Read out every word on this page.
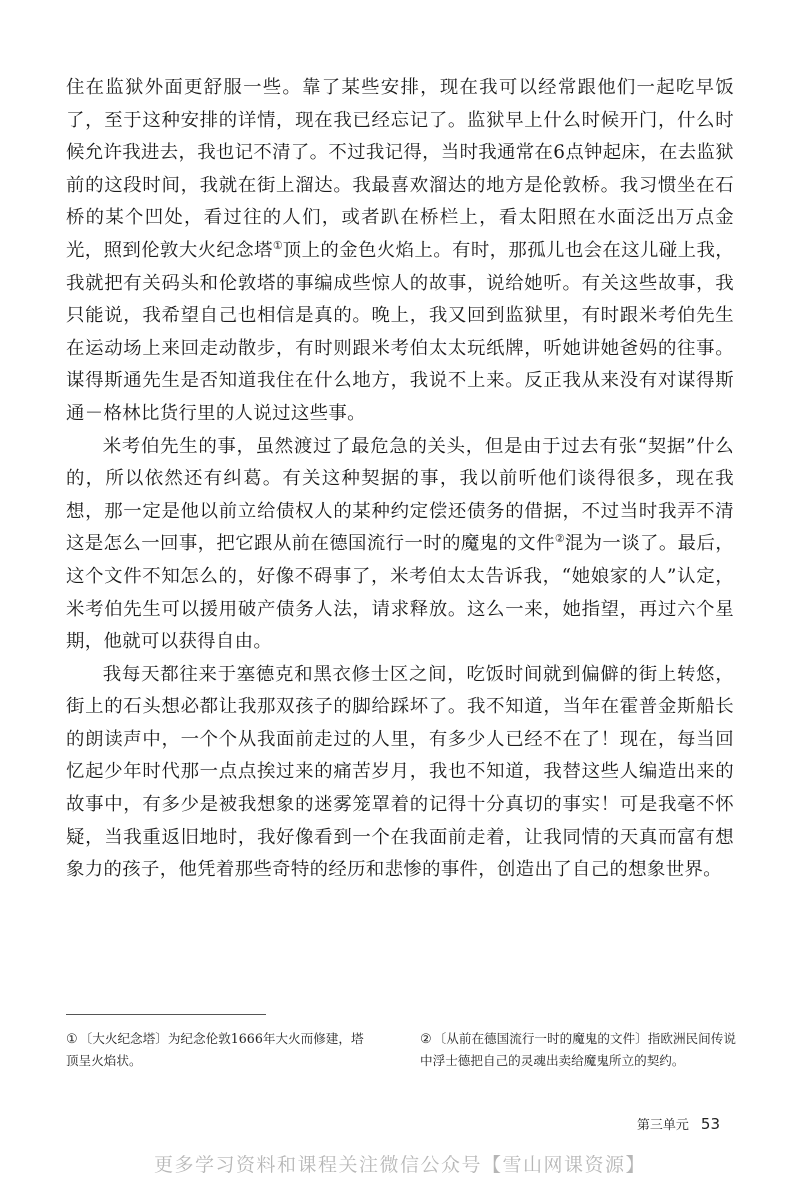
住在监狱外面更舒服一些。靠了某些安排，现在我可以经常跟他们一起吃早饭了，至于这种安排的详情，现在我已经忘记了。监狱早上什么时候开门，什么时候允许我进去，我也记不清了。不过我记得，当时我通常在6点钟起床，在去监狱前的这段时间，我就在街上溜达。我最喜欢溜达的地方是伦敦桥。我习惯坐在石桥的某个凹处，看过往的人们，或者趴在桥栏上，看太阳照在水面泛出万点金光，照到伦敦大火纪念塔①顶上的金色火焰上。有时，那孤儿也会在这儿碰上我，我就把有关码头和伦敦塔的事编成些惊人的故事，说给她听。有关这些故事，我只能说，我希望自己也相信是真的。晚上，我又回到监狱里，有时跟米考伯先生在运动场上来回走动散步，有时则跟米考伯太太玩纸牌，听她讲她爸妈的往事。谋得斯通先生是否知道我住在什么地方，我说不上来。反正我从来没有对谋得斯通－格林比货行里的人说过这些事。

米考伯先生的事，虽然渡过了最危急的关头，但是由于过去有张“契据”什么的，所以依然还有纠葛。有关这种契据的事，我以前听他们谈得很多，现在我想，那一定是他以前立给债权人的某种约定偿还债务的借据，不过当时我弄不清这是怎么一回事，把它跟从前在德国流行一时的魔鬼的文件②混为一谈了。最后，这个文件不知怎么的，好像不碍事了，米考伯太太告诉我，“她娘家的人”认定，米考伯先生可以援用破产债务人法，请求释放。这么一来，她指望，再过六个星期，他就可以获得自由。

我每天都往来于塞德克和黑衣修士区之间，吃饭时间就到偏僻的街上转悠，街上的石头想必都让我那双孩子的脚给踩坏了。我不知道，当年在霍普金斯船长的朗读声中，一个个从我面前走过的人里，有多少人已经不在了！现在，每当回忆起少年时代那一点点挨过来的痛苦岁月，我也不知道，我替这些人编造出来的故事中，有多少是被我想象的迷雾笼罩着的记得十分真切的事实！可是我毫不怀疑，当我重返旧地时，我好像看到一个在我面前走着，让我同情的天真而富有想象力的孩子，他凭着那些奇特的经历和悲惨的事件，创造出了自己的想象世界。

① 〔大火纪念塔〕为纪念伦敦1666年大火而修建，塔顶呈火焰状。
② 〔从前在德国流行一时的魔鬼的文件〕指欧洲民间传说中浮士德把自己的灵魂出卖给魔鬼所立的契约。
第三单元 53
更多学习资料和课程关注微信公众号【雪山网课资源】
